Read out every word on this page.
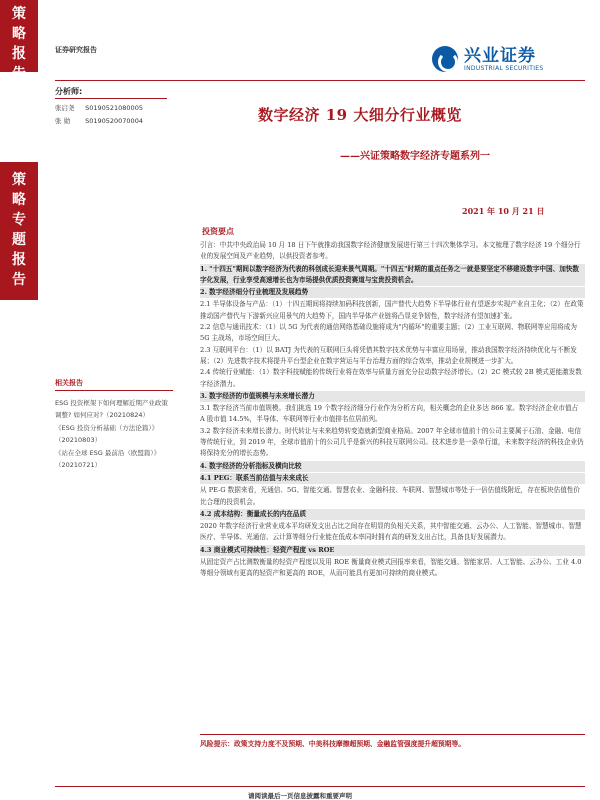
策
略
报
告
策
略
专
题
报
告
证券研究报告	兴业证券
INDUSTRIAL SECURITIES
分析师:
张启尧 S0190521080005
张 勋 S0190520070004	数字经济 19 大细分行业概览
——兴证策略数字经济专题系列一
2021 年 10 月 21 日
相关报告
ESG 投资框架下如何理解近期产业政策调整? 如何应对?（20210824）
《ESG 投资分析基础（方法论篇）》（20210803）
《站在全球 ESG 最前沿（欧盟篇）》（20210721）
投资要点
引言：中共中央政治局 10 月 18 日下午就推动我国数字经济健康发展进行第三十四次集体学习。本文梳理了数字经济 19 个细分行业的发展空间及产业趋势，以供投资者参考。
1. "十四五"期间以数字经济为代表的科创成长迎来景气周期。"十四五"时期的重点任务之一就是要坚定不移建设数字中国、加快数字化发展，行业享受高速增长也为市场提供优质投资赛道与宝贵投资机会。
2. 数字经济细分行业梳理及发展趋势
2.1 半导体设备与产品：（1）十四五期间将持续加码科技创新，国产替代大趋势下半导体行业有望逐步实现产业自主化；（2）在政策推动国产替代与下游新兴应用景气的大趋势下，国内半导体产业链将凸显竞争韧性，数字经济有望加速扩张。
2.2 信息与通讯技术：（1）以 5G 为代表的通信网络基础设施将成为"内循环"的重要主题；（2）工业互联网、物联网等应用将成为 5G 主战场，市场空间巨大。
2.3 互联网平台：（1）以 BATJ 为代表的互联网巨头将凭借其数字技术优势与丰富应用场景，推动我国数字经济持续优化与不断发展；（2）先进数字技术将提升平台型企业在数字营运与平台治理方面的综合效率，推动企业规模进一步扩大。
2.4 传统行业赋能：（1）数字科技赋能的传统行业将在效率与质量方面充分拉动数字经济增长。（2）2C 模式较 2B 模式更能激发数字经济潜力。
3. 数字经济的市值规模与未来增长潜力
3.1 数字经济当前市值规模。我们挑选 19 个数字经济细分行业作为分析方向，相关概念的企业多达 866 家。数字经济企业市值占 A 股市值 14.5%，半导体、车联网等行业市值排名位居前列。
3.2 数字经济未来增长潜力。时代转让与未来趋势转变造就新型商业格局。2007 年全球市值前十的公司主要属于石油、金融、电信等传统行业，到 2019 年，全球市值前十的公司几乎是新兴的科技互联网公司。技术进步是一条单行道，未来数字经济的科技企业仍将保持充分的增长态势。
4. 数字经济的分析指标及横向比较
4.1 PEG：联系当前估值与未来成长
从 PE-G 数据来看，光通信、5G、智能交通、智慧农业、金融科技、车联网、智慧城市等处于一倍估值线附近，存在板块估值性价比合理的投资机会。
4.2 成本结构：衡量成长的内在品质
2020 年数字经济行业营业成本平均研发支出占比之间存在明显的负相关关系，其中智能交通、云办公、人工智能、智慧城市、智慧医疗、半导体、光通信、云计算等细分行业能在低成本率同时拥有高的研发支出占比，具备良好发展潜力。
4.3 商业模式可持续性：轻资产程度 vs ROE
从固定资产占比测数衡量的轻资产程度以及用 ROE 衡量商业模式回报率来看，智能交通、智能家居、人工智能、云办公、工业 4.0 等细分领域有更高的轻资产和更高的 ROE，从而可能具有更加可持续的商业模式。
风险提示：政策支持力度不及预期、中美科技摩擦超预期、金融监管强度提升超预期等。
请阅读最后一页信息披露和重要声明
